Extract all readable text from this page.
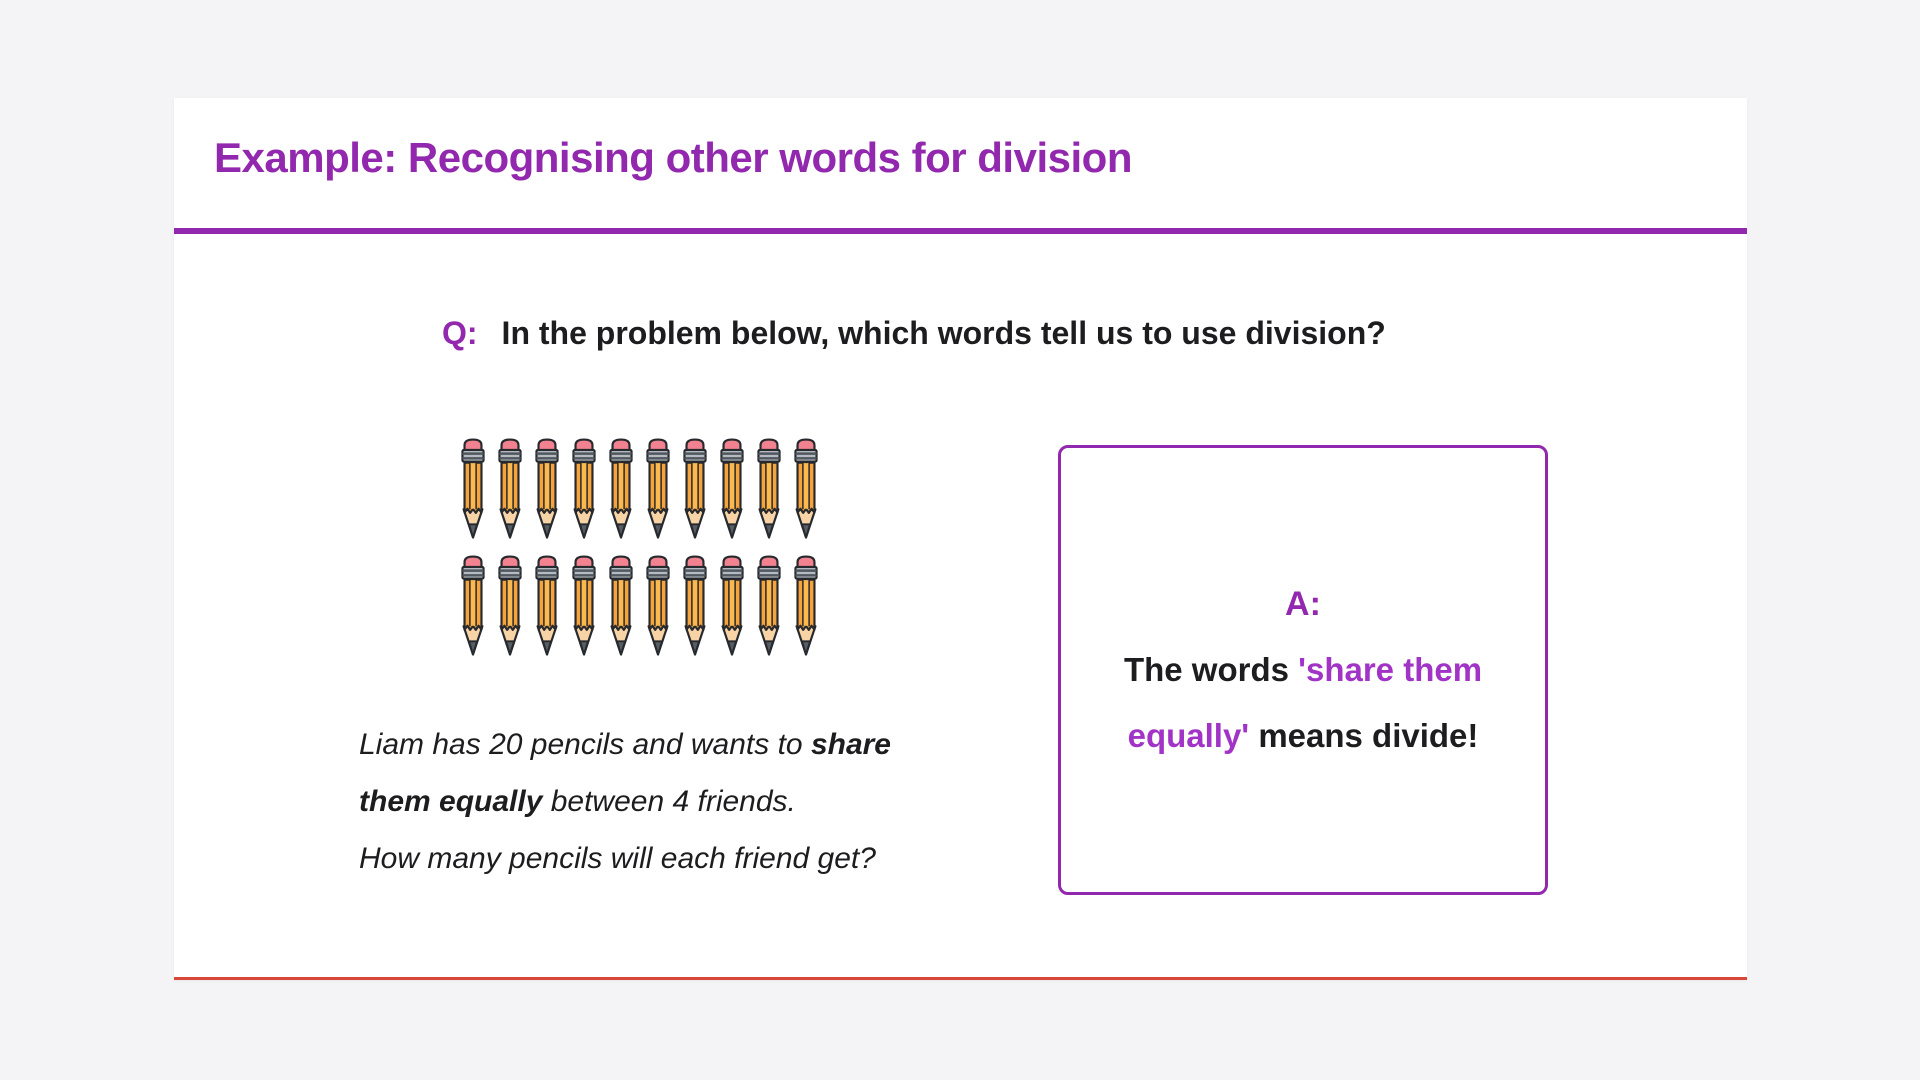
Example: Recognising other words for division
Q: In the problem below, which words tell us to use division?

Liam has 20 pencils and wants to share

them equally between 4 friends.

How many pencils will each friend get?

A:
The words 'share them
equally' means divide!
